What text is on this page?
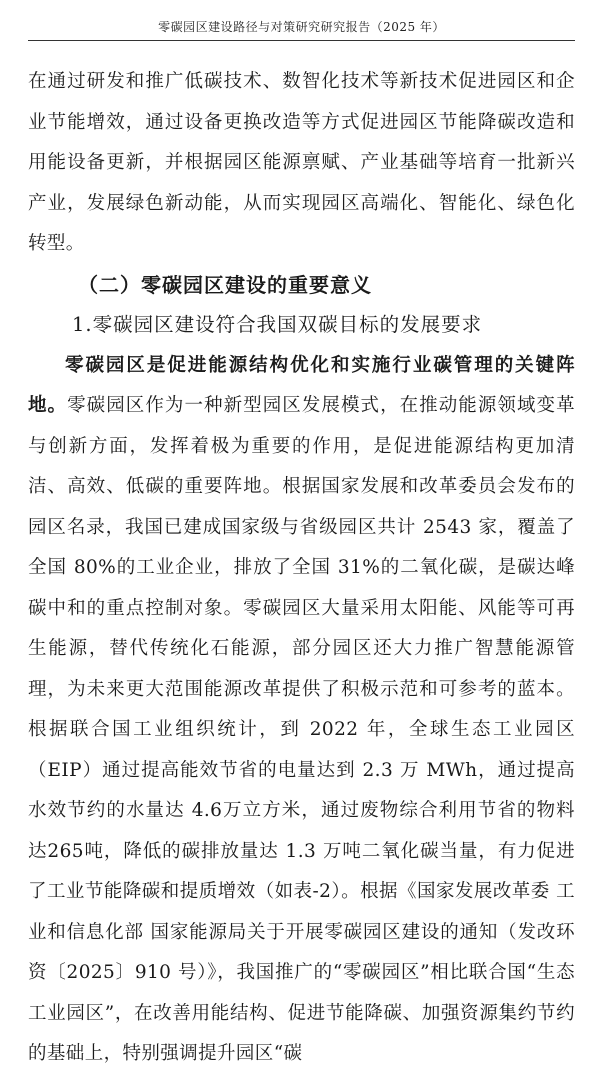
零碳园区建设路径与对策研究研究报告（2025 年）

在通过研发和推广低碳技术、数智化技术等新技术促进园区和企业节能增效，通过设备更换改造等方式促进园区节能降碳改造和用能设备更新，并根据园区能源禀赋、产业基础等培育一批新兴产业，发展绿色新动能，从而实现园区高端化、智能化、绿色化转型。

（二）零碳园区建设的重要意义

1.零碳园区建设符合我国双碳目标的发展要求

零碳园区是促进能源结构优化和实施行业碳管理的关键阵地。零碳园区作为一种新型园区发展模式，在推动能源领域变革与创新方面，发挥着极为重要的作用，是促进能源结构更加清洁、高效、低碳的重要阵地。根据国家发展和改革委员会发布的园区名录，我国已建成国家级与省级园区共计 2543 家，覆盖了全国 80%的工业企业，排放了全国 31%的二氧化碳，是碳达峰碳中和的重点控制对象。零碳园区大量采用太阳能、风能等可再生能源，替代传统化石能源，部分园区还大力推广智慧能源管理，为未来更大范围能源改革提供了积极示范和可参考的蓝本。根据联合国工业组织统计，到 2022 年，全球生态工业园区（EIP）通过提高能效节省的电量达到 2.3 万 MWh，通过提高水效节约的水量达 4.6万立方米，通过废物综合利用节省的物料达265吨，降低的碳排放量达 1.3 万吨二氧化碳当量，有力促进了工业节能降碳和提质增效（如表-2）。根据《国家发展改革委 工业和信息化部 国家能源局关于开展零碳园区建设的通知（发改环资〔2025〕910 号）》，我国推广的“零碳园区”相比联合国“生态工业园区”，在改善用能结构、促进节能降碳、加强资源集约节约的基础上，特别强调提升园区“碳
